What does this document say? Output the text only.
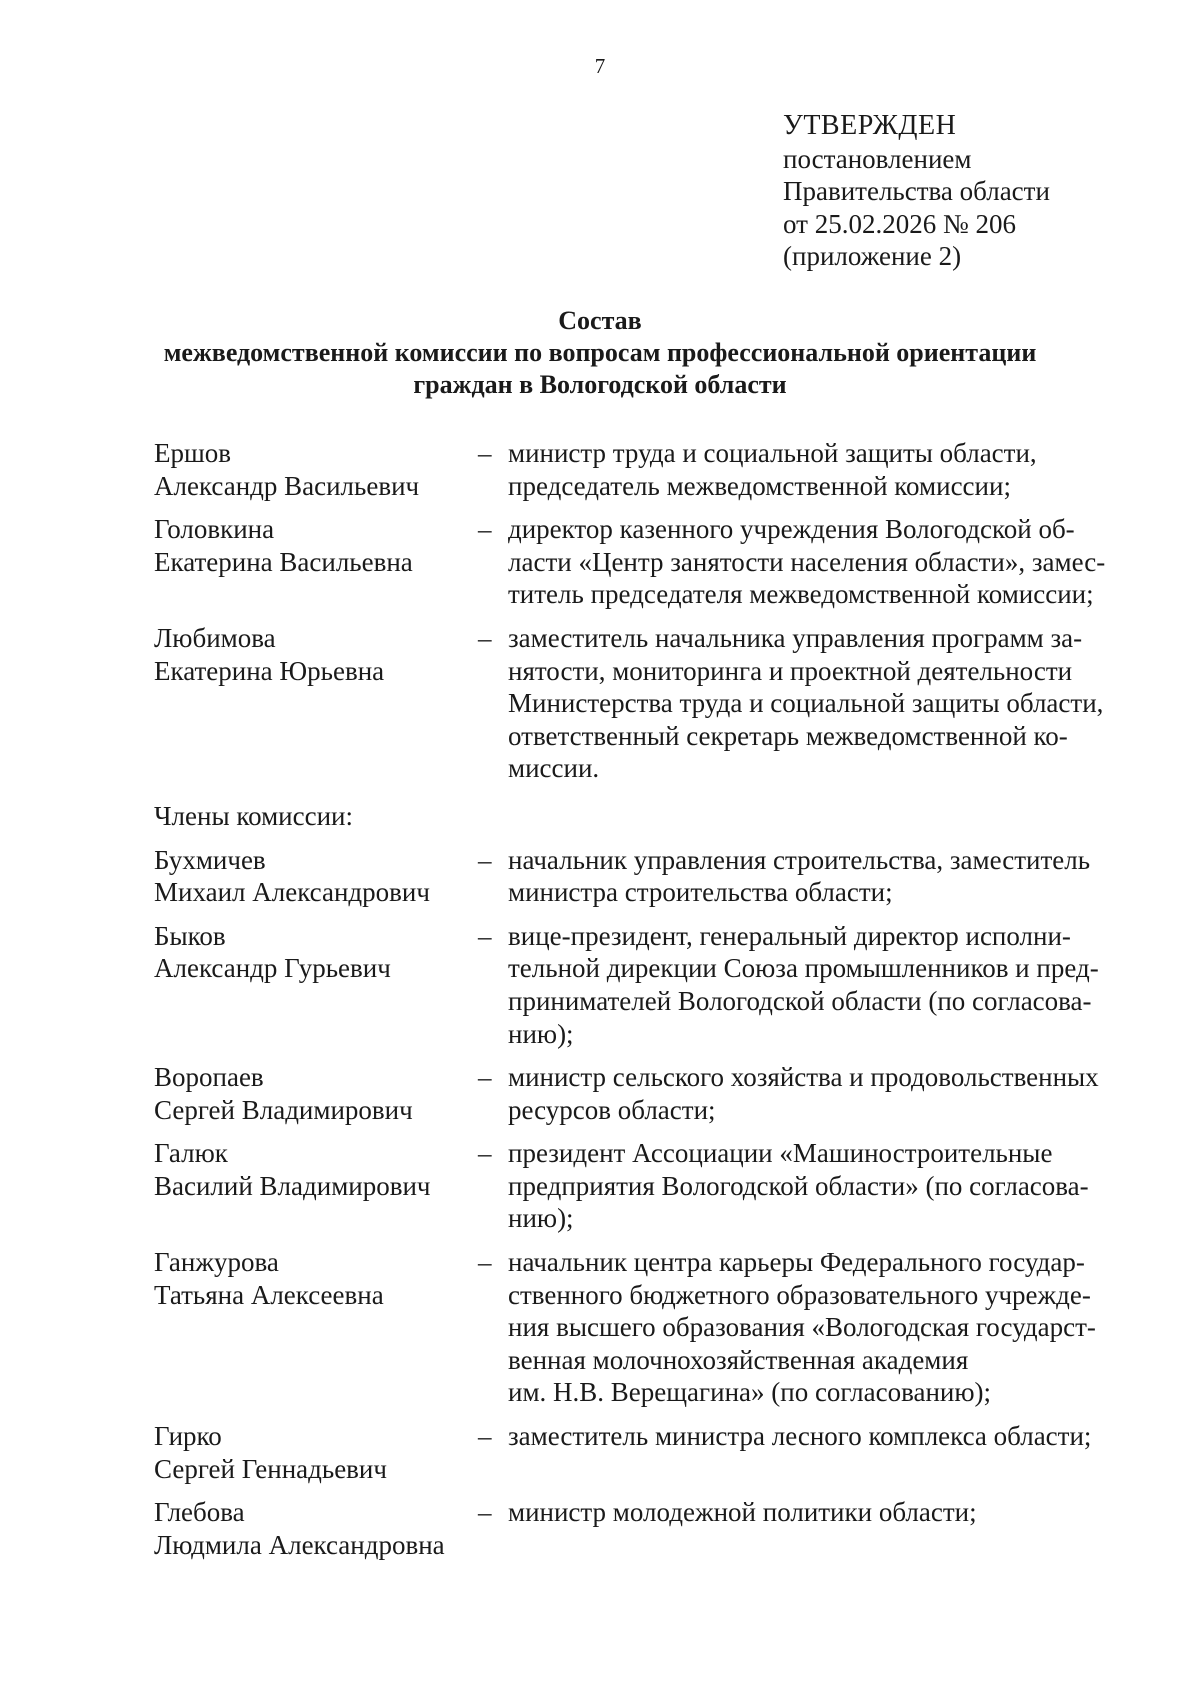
7
УТВЕРЖДЕН
постановлением
Правительства области
от 25.02.2026 № 206
(приложение 2)
Состав
межведомственной комиссии по вопросам профессиональной ориентации
граждан в Вологодской области
Ершов
Александр Васильевич
– министр труда и социальной защиты области,
председатель межведомственной комиссии;
Головкина
Екатерина Васильевна
– директор казенного учреждения Вологодской об-
ласти «Центр занятости населения области», замес-
титель председателя межведомственной комиссии;
Любимова
Екатерина Юрьевна
– заместитель начальника управления программ за-
нятости, мониторинга и проектной деятельности
Министерства труда и социальной защиты области,
ответственный секретарь межведомственной ко-
миссии.
Члены комиссии:
Бухмичев
Михаил Александрович
– начальник управления строительства, заместитель
министра строительства области;
Быков
Александр Гурьевич
– вице-президент, генеральный директор исполни-
тельной дирекции Союза промышленников и пред-
принимателей Вологодской области (по согласова-
нию);
Воропаев
Сергей Владимирович
– министр сельского хозяйства и продовольственных
ресурсов области;
Галюк
Василий Владимирович
– президент Ассоциации «Машиностроительные
предприятия Вологодской области» (по согласова-
нию);
Ганжурова
Татьяна Алексеевна
– начальник центра карьеры Федерального государ-
ственного бюджетного образовательного учрежде-
ния высшего образования «Вологодская государст-
венная молочнохозяйственная академия
им. Н.В. Верещагина» (по согласованию);
Гирко
Сергей Геннадьевич
– заместитель министра лесного комплекса области;
Глебова
Людмила Александровна
– министр молодежной политики области;
